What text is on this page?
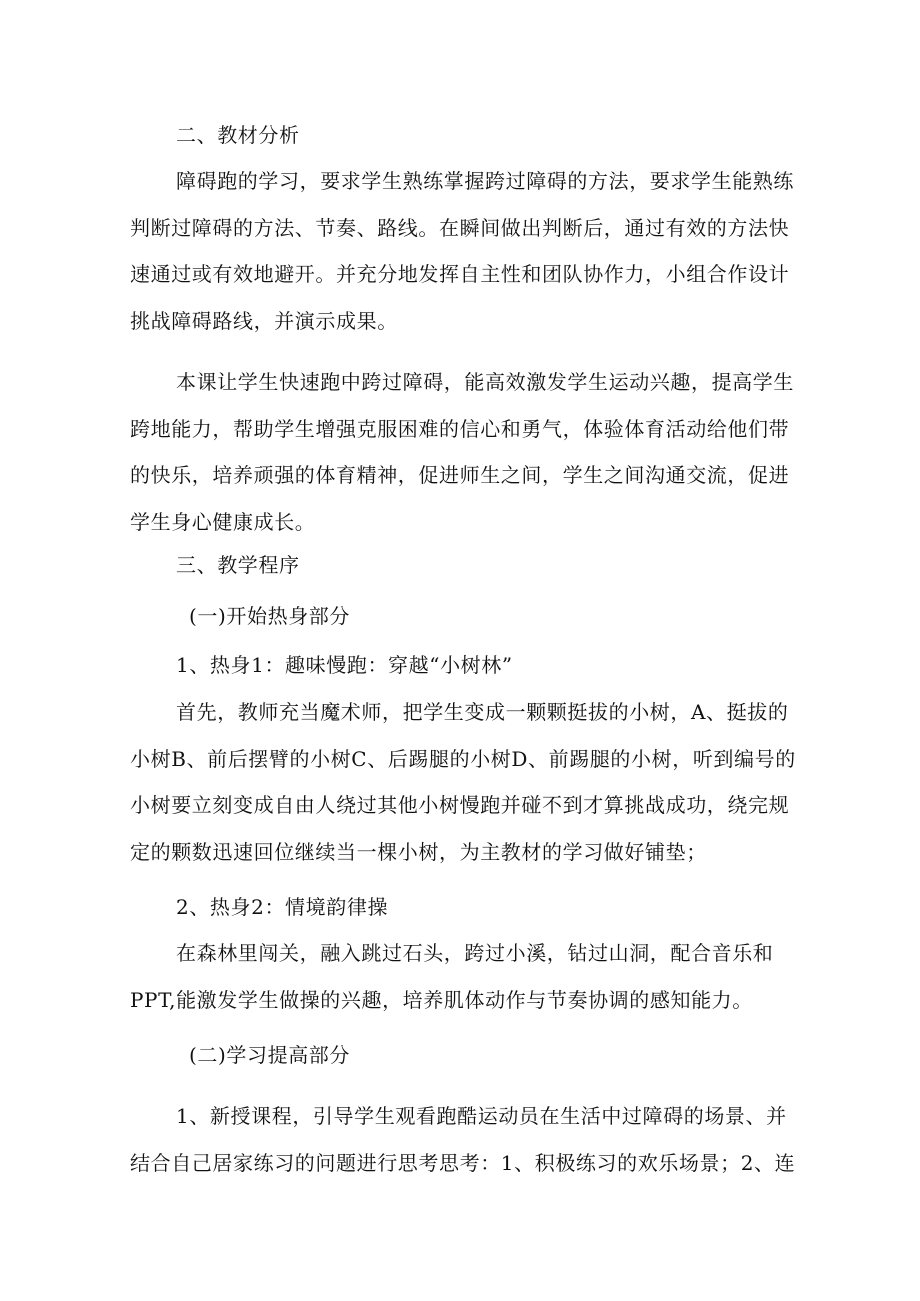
二、教材分析

障碍跑的学习，要求学生熟练掌握跨过障碍的方法，要求学生能熟练
判断过障碍的方法、节奏、路线。在瞬间做出判断后，通过有效的方法快
速通过或有效地避开。并充分地发挥自主性和团队协作力，小组合作设计
挑战障碍路线，并演示成果。

本课让学生快速跑中跨过障碍，能高效激发学生运动兴趣，提高学生
跨地能力，帮助学生增强克服困难的信心和勇气，体验体育活动给他们带
的快乐，培养顽强的体育精神，促进师生之间，学生之间沟通交流，促进
学生身心健康成长。

三、教学程序

(一)开始热身部分

1、热身1：趣味慢跑：穿越“小树林”

首先，教师充当魔术师，把学生变成一颗颗挺拔的小树，A、挺拔的
小树B、前后摆臂的小树C、后踢腿的小树D、前踢腿的小树，听到编号的
小树要立刻变成自由人绕过其他小树慢跑并碰不到才算挑战成功，绕完规
定的颗数迅速回位继续当一棵小树，为主教材的学习做好铺垫；

2、热身2：情境韵律操

在森林里闯关，融入跳过石头，跨过小溪，钻过山洞，配合音乐和
PPT,能激发学生做操的兴趣，培养肌体动作与节奏协调的感知能力。

(二)学习提高部分

1、新授课程，引导学生观看跑酷运动员在生活中过障碍的场景、并
结合自己居家练习的问题进行思考思考：1、积极练习的欢乐场景；2、连
